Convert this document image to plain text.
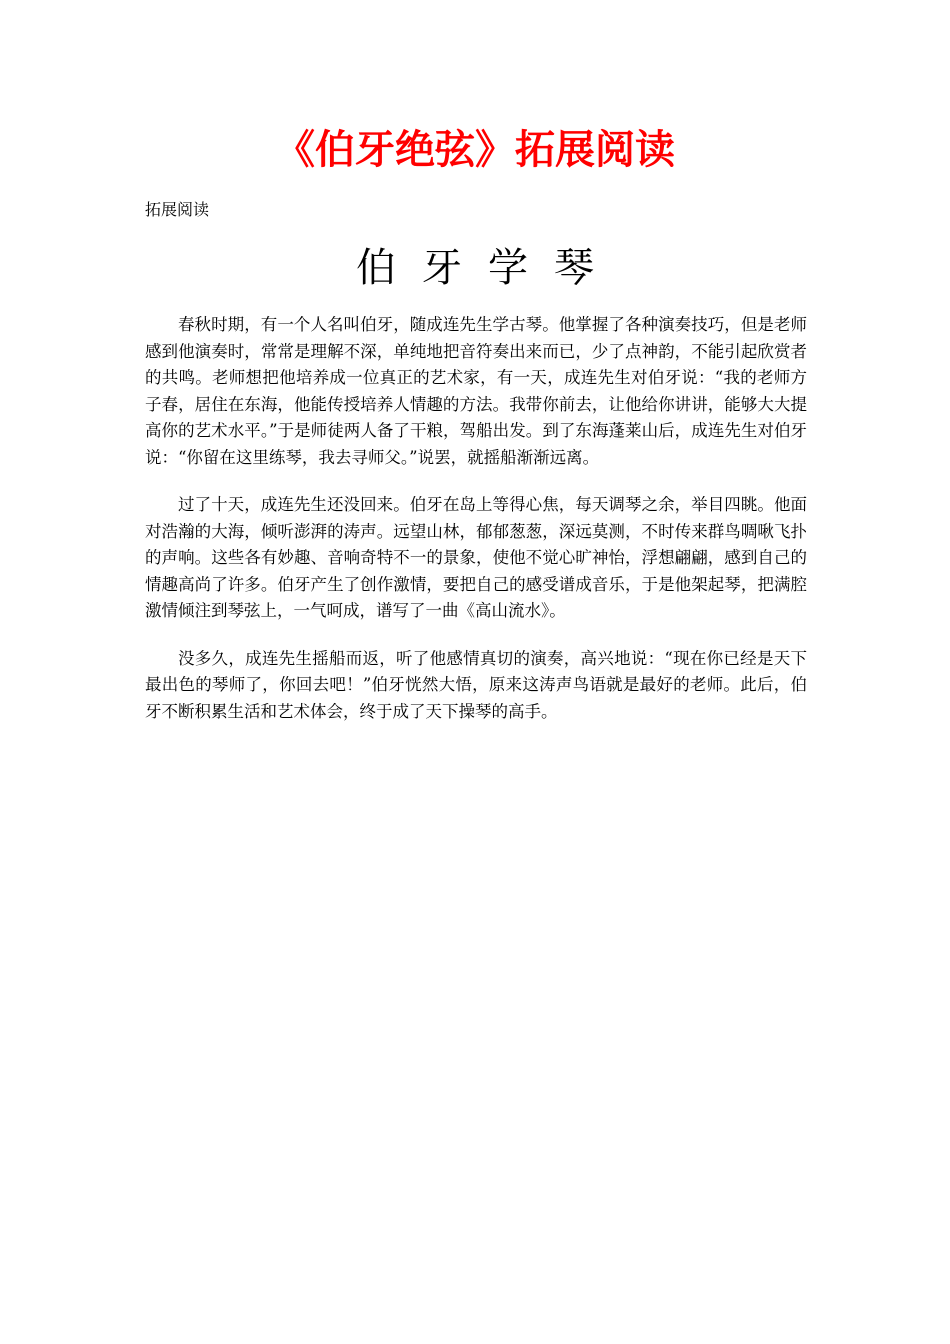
《伯牙绝弦》拓展阅读

拓展阅读

伯牙学琴

春秋时期，有一个人名叫伯牙，随成连先生学古琴。他掌握了各种演奏技巧，但是老师感到他演奏时，常常是理解不深，单纯地把音符奏出来而已，少了点神韵，不能引起欣赏者的共鸣。老师想把他培养成一位真正的艺术家，有一天，成连先生对伯牙说：“我的老师方子春，居住在东海，他能传授培养人情趣的方法。我带你前去，让他给你讲讲，能够大大提高你的艺术水平。”于是师徒两人备了干粮，驾船出发。到了东海蓬莱山后，成连先生对伯牙说：“你留在这里练琴，我去寻师父。”说罢，就摇船渐渐远离。

过了十天，成连先生还没回来。伯牙在岛上等得心焦，每天调琴之余，举目四眺。他面对浩瀚的大海，倾听澎湃的涛声。远望山林，郁郁葱葱，深远莫测，不时传来群鸟啁啾飞扑的声响。这些各有妙趣、音响奇特不一的景象，使他不觉心旷神怡，浮想翩翩，感到自己的情趣高尚了许多。伯牙产生了创作激情，要把自己的感受谱成音乐，于是他架起琴，把满腔激情倾注到琴弦上，一气呵成，谱写了一曲《高山流水》。

没多久，成连先生摇船而返，听了他感情真切的演奏，高兴地说：“现在你已经是天下最出色的琴师了，你回去吧！”伯牙恍然大悟，原来这涛声鸟语就是最好的老师。此后，伯牙不断积累生活和艺术体会，终于成了天下操琴的高手。
